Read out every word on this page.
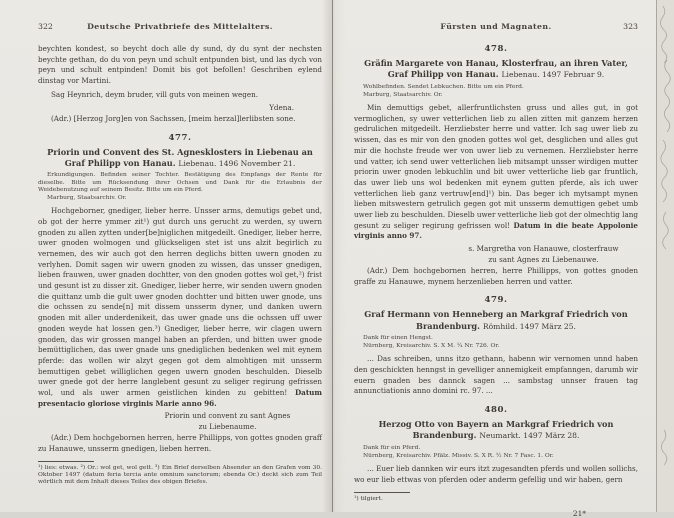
322	Deutsche Privatbriefe des Mittelalters.

beychten kondest, so beycht doch alle dy sund, dy du synt der nechsten beychte gethan, do du von peyn und schult entpunden bist, und las dych von peyn und schult entpinden! Domit bis got befollen! Geschriben eylend dinstag vor Martini.

Sag Heynrich, deym bruder, vill guts von meinen wegen.

Ydena.

(Adr.) [Herzog Jorg]en von Sachssen, [meim herzal]lerlibsten sone.

477.
Priorin und Convent des St. Agnesklosters in Liebenau an Graf Philipp von Hanau. Liebenau. 1496 November 21.

Erkundigungen. Befinden seiner Tochter. Bestätigung des Empfangs der Rente für dieselbe. Bitte um Rücksendung ihrer Ochsen und Dank für die Erlaubnis der Weidebenutzung auf seinem Besitz. Bitte um ein Pferd.

Marburg, Staatsarchiv. Or.

Hochgeborner, gnediger, lieber herre. Unsser arms, demutigs gebet und, ob got der herre ymmer zit¹) gut durch uns gerucht zu werden, sy uwern gnoden zu allen zytten under[be]niglichen mitgedeilt. Gnediger, lieber herre, uwer gnoden wolmogen und glückseligen stet ist uns alzit begirlich zu vernemen, des wir auch got den herren deglichs bitten uwern gnoden zu verlyhen. Domit sagen wir uwern gnoden zu wissen, das unsser gnedigen, lieben frauwen, uwer gnaden dochtter, von den gnoden gottes wol get,²) frist und gesunt ist zu disser zit. Gnediger, lieber herre, wir senden uwern gnoden die quittanz umb die gult uwer gnoden dochtter und bitten uwer gnode, uns die ochssen zu sende[n] mit dissem unsserm dyner, und danken uwern gnoden mit aller underdenikeit, das uwer gnade uns die ochssen uff uwer gnoden weyde hat lossen gen.³) Gnediger, lieber herre, wir clagen uwern gnoden, das wir grossen mangel haben an pferden, und bitten uwer gnode bemüttiglichen, das uwer gnade uns gnediglichen bedenken wel mit eynem pferde: das wollen wir alzyt gegen got dem almohtigen mit unsserm bemuttigen gebet williglichen gegen uwern gnoden beschulden. Dieselb uwer gnede got der herre langlebent gesunt zu seliger regirung gefrissen wol, und als uwer armen geistlichen kinden zu gebitten! Datum presentacio gloriose virginis Marie anno 96.

Priorin und convent zu sant Agnes
zu Liebenaume.

(Adr.) Dem hochgebornen herren, herre Phillipps, von gottes gnoden graff zu Hanauwe, unsserm gnedigen, lieben herren.

¹) lies: etwas. ²) Or.: wol get, wol gett. ³) Ein Brief derselben Absender an den Grafen vom 30. Oktober 1497 (datum feria tercia ante omnium sanctorum; ebenda Or.) deckt sich zum Teil wörtlich mit dem Inhalt dieses Teiles des obigen Briefes.

Fürsten und Magnaten.	323
478.
Gräfin Margarete von Hanau, Klosterfrau, an ihren Vater, Graf Philipp von Hanau. Liebenau. 1497 Februar 9.

Wohlbefinden. Sendet Lebkuchen. Bitte um ein Pferd.

Marburg, Staatsarchiv. Or.

Min demuttigs gebet, allerfruntlichsten gruss und alles gut, in got vermoglichen, sy uwer vetterlichen lieb zu allen zitten mit ganzem herzen gedrulichen mitgedeilt. Herzliebster herre und vatter. Ich sag uwer lieb zu wissen, das es mir von den gnoden gottes wol get, desglichen und alles gut mir die hochste freude wer von uwer lieb zu vernemen. Herzliebster herre und vatter, ich send uwer vetterlichen lieb mitsampt unsser wirdigen mutter priorin uwer gnoden lebkuchlin und bit uwer vetterliche lieb gar fruntlich, das uwer lieb uns wol bedenken mit eynem gutten pferde, als ich uwer vetterlichen lieb ganz vertruw[end]¹) bin. Das beger ich mytsampt mynen lieben mitswestern getrulich gegen got mit unsserm demuttigen gebet umb uwer lieb zu beschulden. Dieselb uwer vetterliche lieb got der olmechtig lang gesunt zu seliger regirung gefrissen wol! Datum in die beate Appolonie virginis anno 97.

s. Margretha von Hanauwe, closterfrauw
zu sant Agnes zu Liebenauwe.

(Adr.) Dem hochgebornen herren, herre Phillipps, von gottes gnoden graffe zu Hanauwe, mynem herzenlieben herren und vatter.

479.
Graf Hermann von Henneberg an Markgraf Friedrich von Brandenburg. Römhild. 1497 März 25.

Dank für einen Hengst.

Nürnberg, Kreisarchiv. S. X M. ¼ Nr. 726. Or.

... Das schreiben, unns itzo gethann, habenn wir vernomen unnd haben den geschickten henngst in gevelliger annemigkeit empfanngen, darumb wir euern gnaden bes dannck sagen ... sambstag unnser frauen tag annunctiationis anno domini rc. 97. ...

480.
Herzog Otto von Bayern an Markgraf Friedrich von Brandenburg. Neumarkt. 1497 März 28.

Dank für ein Pferd.

Nürnberg, Kreisarchiv. Pfälz. Missiv. S. X R. ½ Nr. 7 Fasc. 1. Or.

... Euer lieb dannken wir eurs itzt zugesandten pferds und wollen sollichs, wo eur lieb ettwas von pferden oder anderm gefellig und wir haben, gern

¹) tilgiert.

21*
